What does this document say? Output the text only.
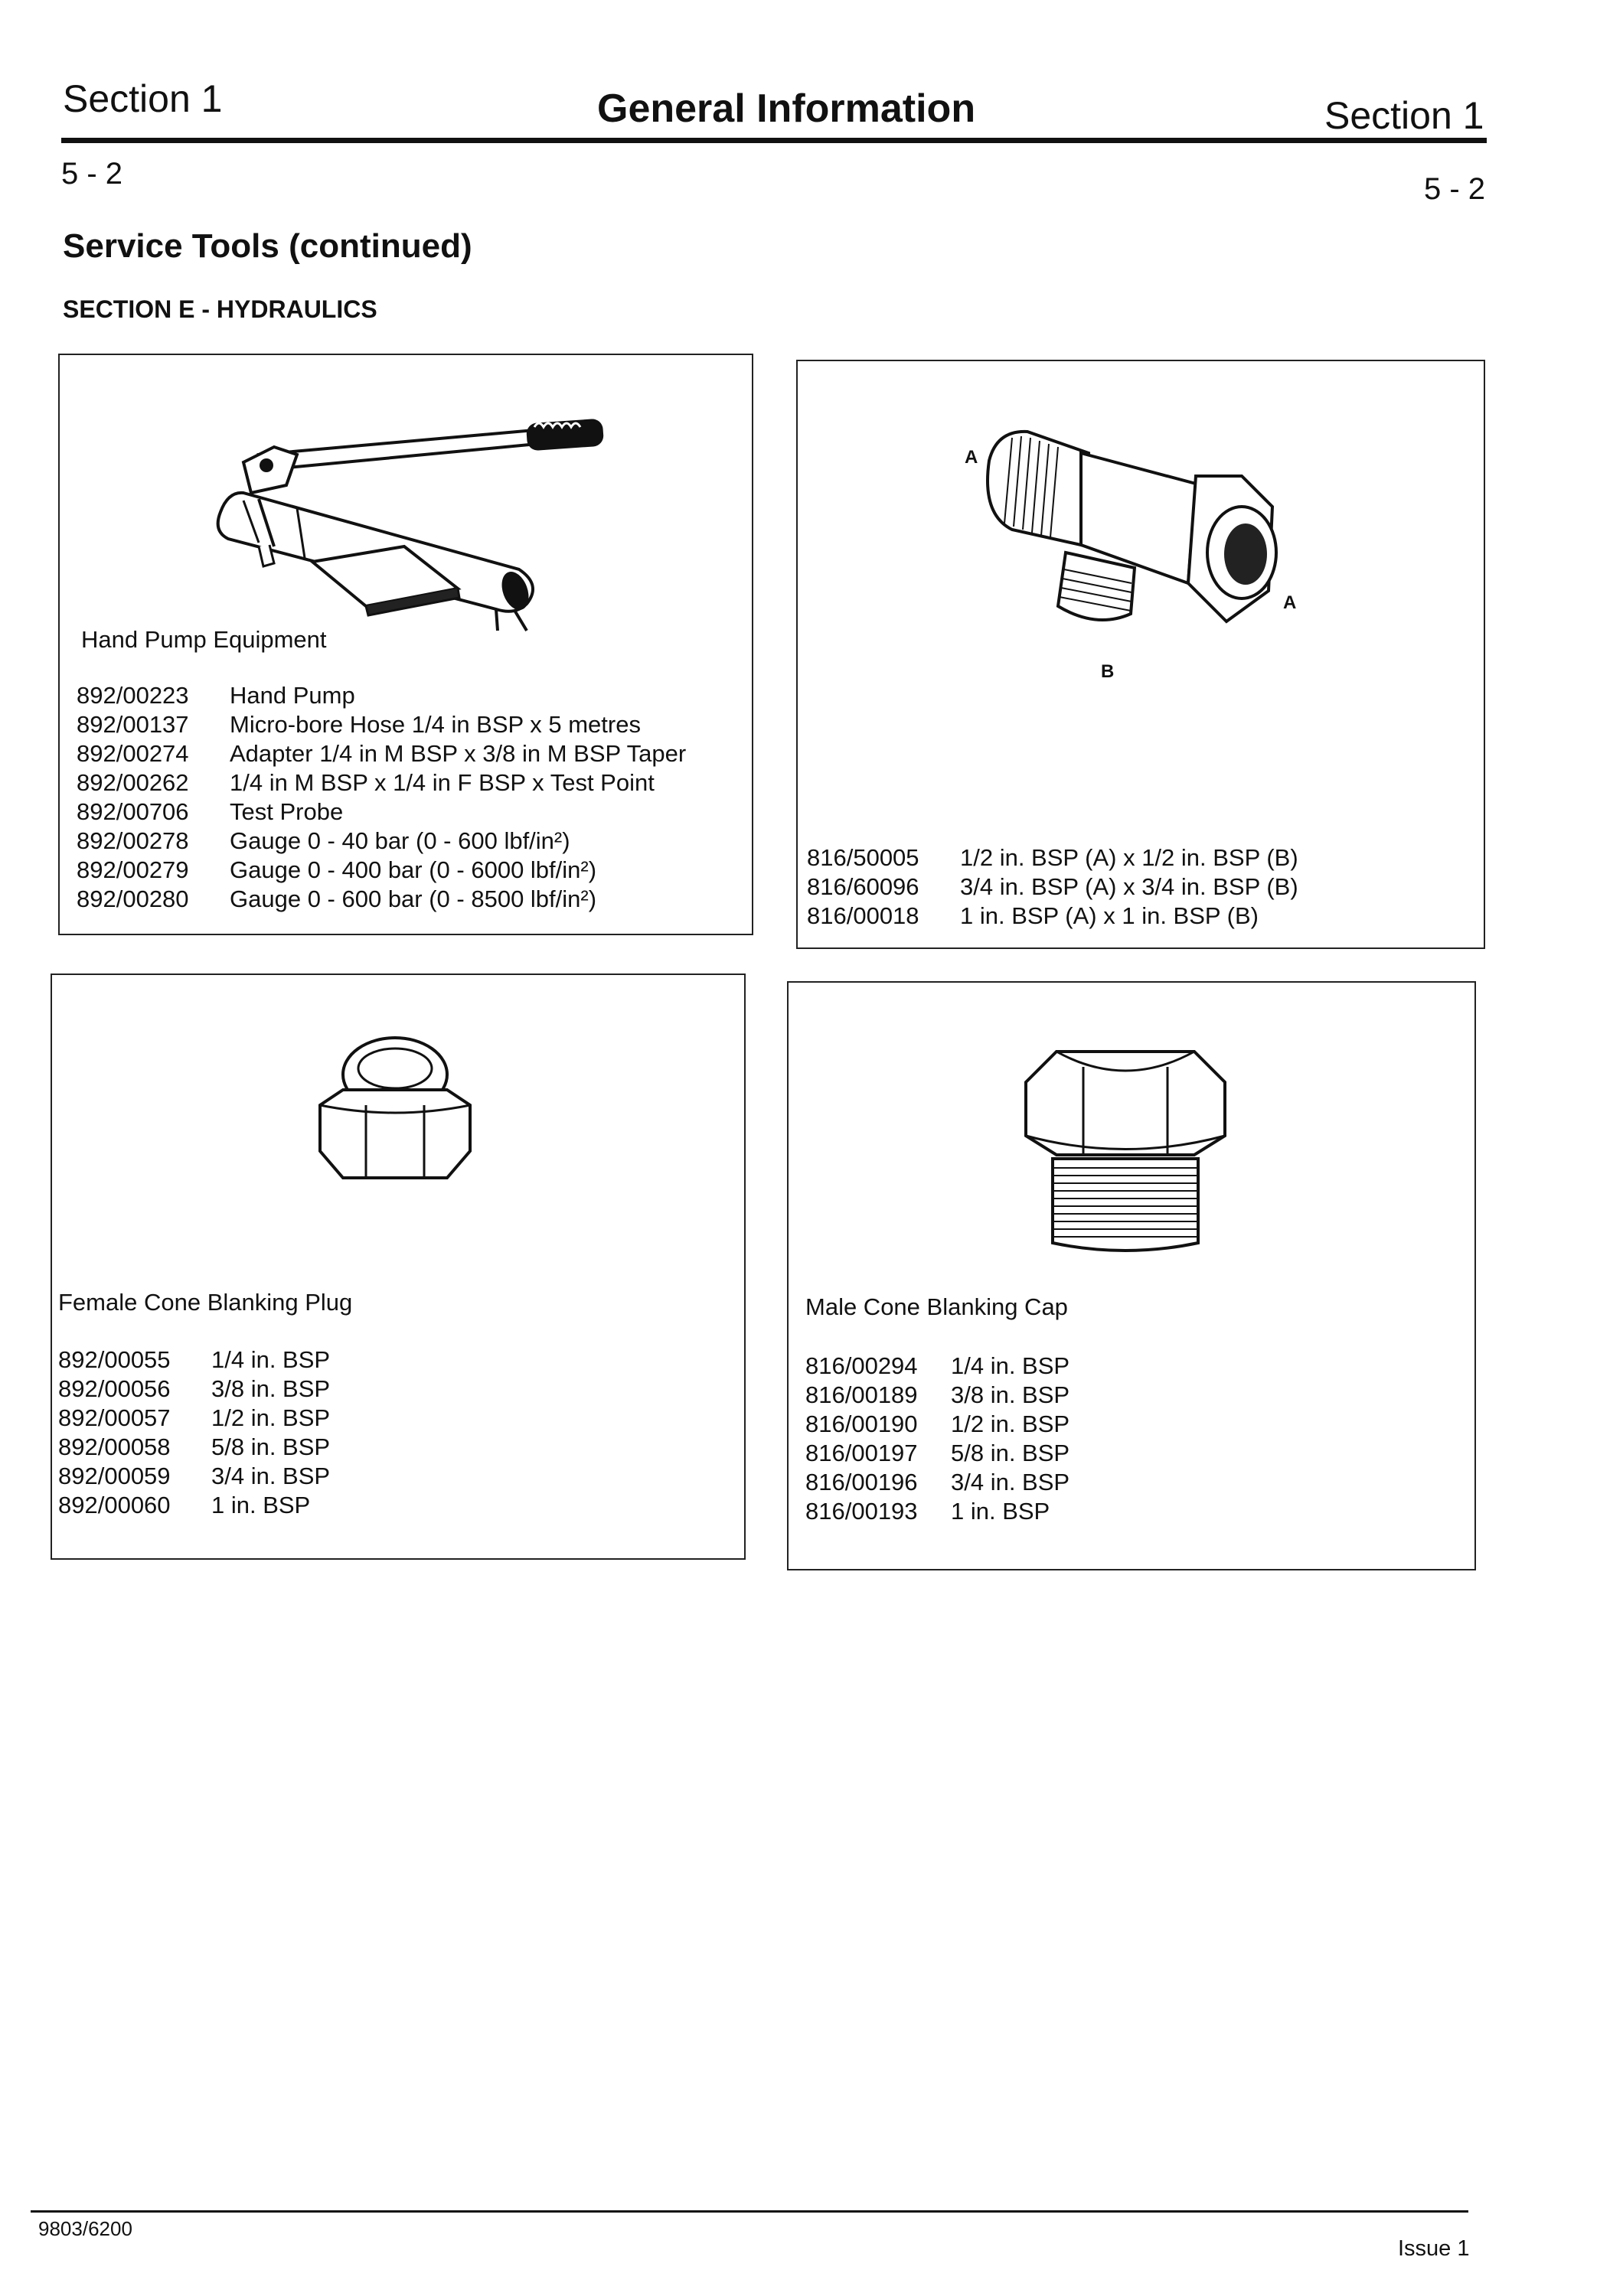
Section 1	General Information	Section 1
5 - 2	5 - 2
Service Tools (continued)
SECTION E - HYDRAULICS
Hand Pump Equipment
892/00223	Hand Pump
892/00137	Micro-bore Hose 1/4 in BSP x 5 metres
892/00274	Adapter 1/4 in M BSP x 3/8 in M BSP Taper
892/00262	1/4 in M BSP x 1/4 in F BSP x Test Point
892/00706	Test Probe
892/00278	Gauge 0 - 40 bar (0 - 600 lbf/in²)
892/00279	Gauge 0 - 400 bar (0 - 6000 lbf/in²)
892/00280	Gauge 0 - 600 bar (0 - 8500 lbf/in²)
A
A
B
816/50005	1/2 in. BSP (A) x 1/2 in. BSP (B)
816/60096	3/4 in. BSP (A) x 3/4 in. BSP (B)
816/00018	1 in. BSP (A) x 1 in. BSP (B)
Female Cone Blanking Plug
892/00055	1/4 in. BSP
892/00056	3/8 in. BSP
892/00057	1/2 in. BSP
892/00058	5/8 in. BSP
892/00059	3/4 in. BSP
892/00060	1 in. BSP
Male Cone Blanking Cap
816/00294	1/4 in. BSP
816/00189	3/8 in. BSP
816/00190	1/2 in. BSP
816/00197	5/8 in. BSP
816/00196	3/4 in. BSP
816/00193	1 in. BSP
9803/6200
Issue 1
